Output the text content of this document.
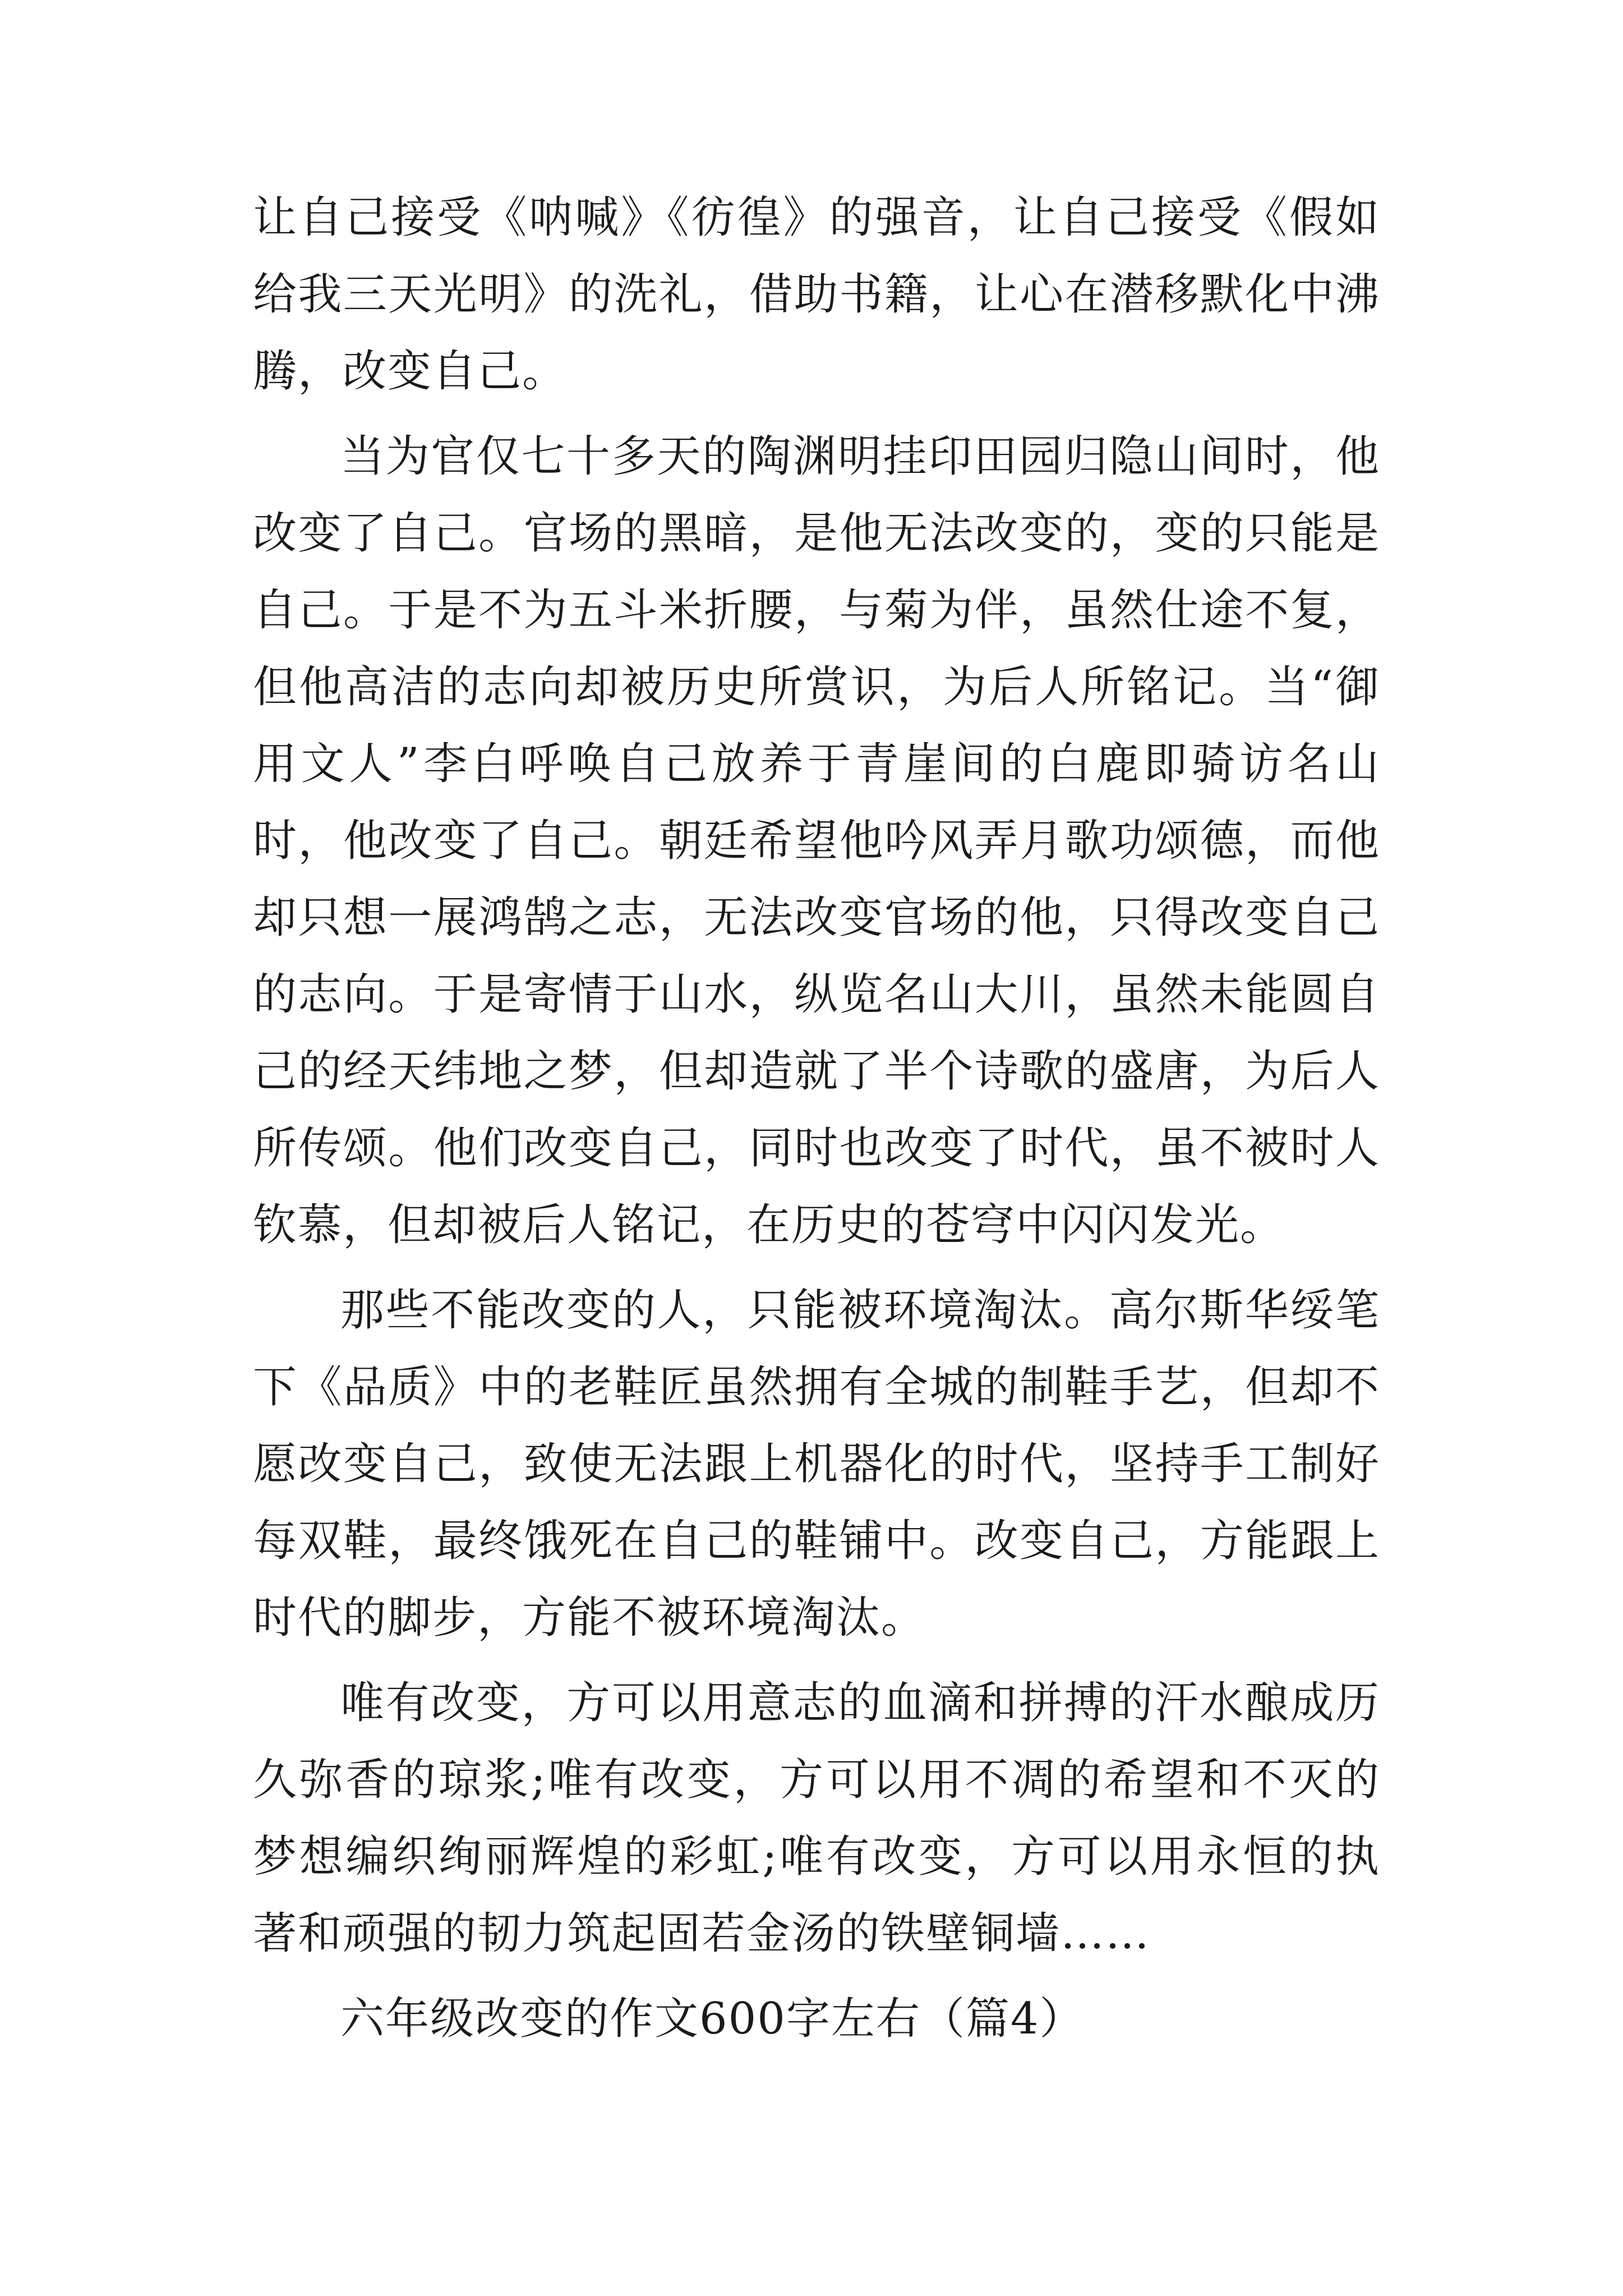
让自己接受《呐喊》《彷徨》的强音，让自己接受《假如给我三天光明》的洗礼，借助书籍，让心在潜移默化中沸腾，改变自己。

当为官仅七十多天的陶渊明挂印田园归隐山间时，他改变了自己。官场的黑暗，是他无法改变的，变的只能是自己。于是不为五斗米折腰，与菊为伴，虽然仕途不复，但他高洁的志向却被历史所赏识，为后人所铭记。当“御用文人”李白呼唤自己放养于青崖间的白鹿即骑访名山时，他改变了自己。朝廷希望他吟风弄月歌功颂德，而他却只想一展鸿鹄之志，无法改变官场的他，只得改变自己的志向。于是寄情于山水，纵览名山大川，虽然未能圆自己的经天纬地之梦，但却造就了半个诗歌的盛唐，为后人所传颂。他们改变自己，同时也改变了时代，虽不被时人钦慕，但却被后人铭记，在历史的苍穹中闪闪发光。

那些不能改变的人，只能被环境淘汰。高尔斯华绥笔下《品质》中的老鞋匠虽然拥有全城的制鞋手艺，但却不愿改变自己，致使无法跟上机器化的时代，坚持手工制好每双鞋，最终饿死在自己的鞋铺中。改变自己，方能跟上时代的脚步，方能不被环境淘汰。

唯有改变，方可以用意志的血滴和拼搏的汗水酿成历久弥香的琼浆;唯有改变，方可以用不凋的希望和不灭的梦想编织绚丽辉煌的彩虹;唯有改变，方可以用永恒的执著和顽强的韧力筑起固若金汤的铁壁铜墙……

六年级改变的作文600字左右（篇4）
